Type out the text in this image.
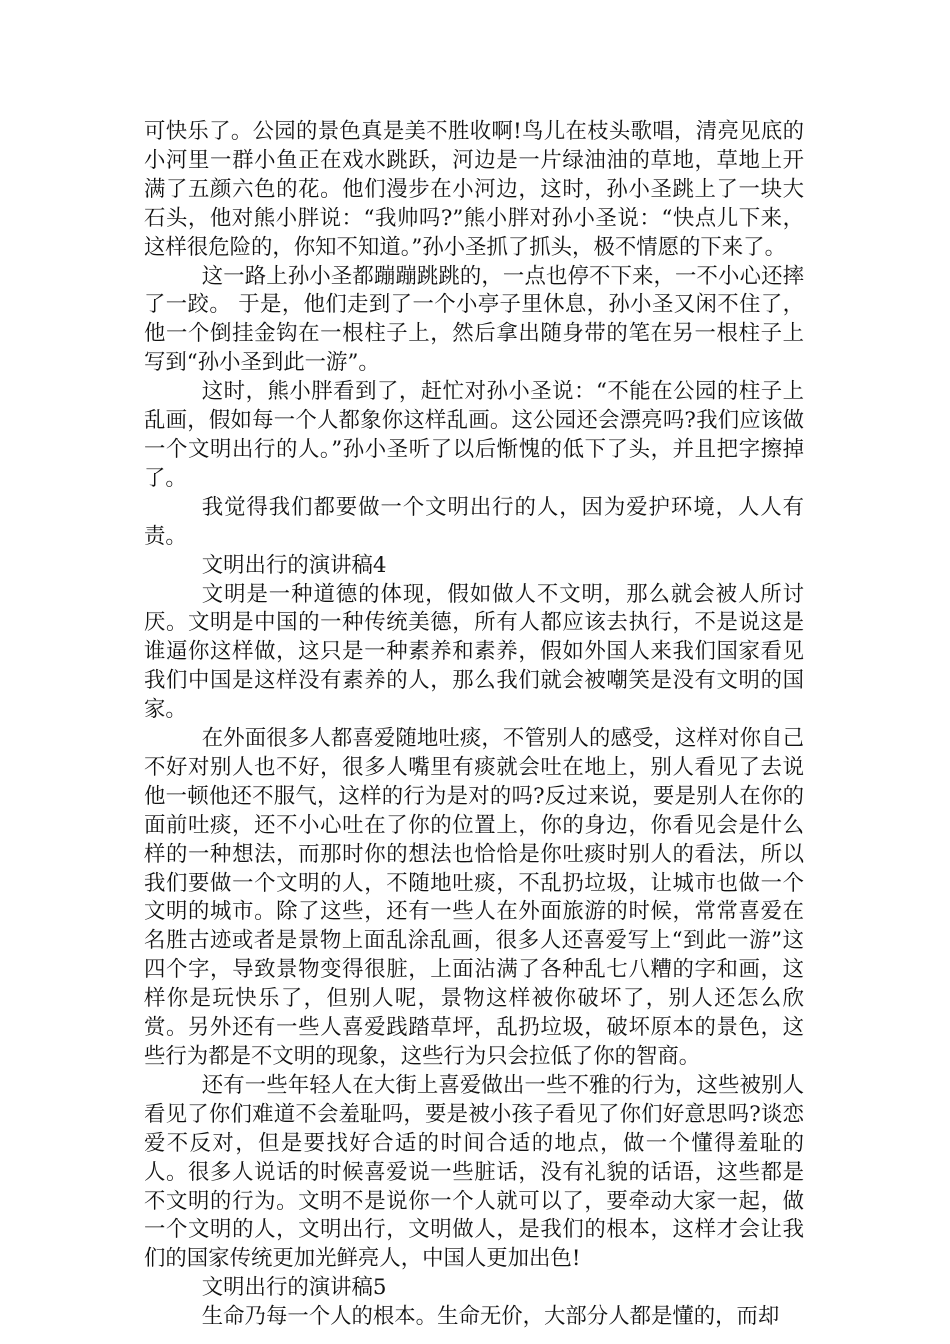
可快乐了。公园的景色真是美不胜收啊!鸟儿在枝头歌唱，清亮见底的小河里一群小鱼正在戏水跳跃，河边是一片绿油油的草地，草地上开满了五颜六色的花。他们漫步在小河边，这时，孙小圣跳上了一块大石头，他对熊小胖说：“我帅吗?”熊小胖对孙小圣说：“快点儿下来，这样很危险的，你知不知道。”孙小圣抓了抓头，极不情愿的下来了。

这一路上孙小圣都蹦蹦跳跳的，一点也停不下来，一不小心还摔了一跤。 于是，他们走到了一个小亭子里休息，孙小圣又闲不住了，他一个倒挂金钩在一根柱子上，然后拿出随身带的笔在另一根柱子上写到“孙小圣到此一游”。

这时，熊小胖看到了，赶忙对孙小圣说：“不能在公园的柱子上乱画，假如每一个人都象你这样乱画。这公园还会漂亮吗?我们应该做一个文明出行的人。”孙小圣听了以后惭愧的低下了头，并且把字擦掉了。

我觉得我们都要做一个文明出行的人，因为爱护环境，人人有责。

文明出行的演讲稿4

文明是一种道德的体现，假如做人不文明，那么就会被人所讨厌。文明是中国的一种传统美德，所有人都应该去执行，不是说这是谁逼你这样做，这只是一种素养和素养，假如外国人来我们国家看见我们中国是这样没有素养的人，那么我们就会被嘲笑是没有文明的国家。

在外面很多人都喜爱随地吐痰，不管别人的感受，这样对你自己不好对别人也不好，很多人嘴里有痰就会吐在地上，别人看见了去说他一顿他还不服气，这样的行为是对的吗?反过来说，要是别人在你的面前吐痰，还不小心吐在了你的位置上，你的身边，你看见会是什么样的一种想法，而那时你的想法也恰恰是你吐痰时别人的看法，所以我们要做一个文明的人，不随地吐痰，不乱扔垃圾，让城市也做一个文明的城市。除了这些，还有一些人在外面旅游的时候，常常喜爱在名胜古迹或者是景物上面乱涂乱画，很多人还喜爱写上“到此一游”这四个字，导致景物变得很脏，上面沾满了各种乱七八糟的字和画，这样你是玩快乐了，但别人呢，景物这样被你破坏了，别人还怎么欣赏。另外还有一些人喜爱践踏草坪，乱扔垃圾，破坏原本的景色，这些行为都是不文明的现象，这些行为只会拉低了你的智商。

还有一些年轻人在大街上喜爱做出一些不雅的行为，这些被别人看见了你们难道不会羞耻吗，要是被小孩子看见了你们好意思吗?谈恋爱不反对，但是要找好合适的时间合适的地点，做一个懂得羞耻的人。很多人说话的时候喜爱说一些脏话，没有礼貌的话语，这些都是不文明的行为。文明不是说你一个人就可以了，要牵动大家一起，做一个文明的人，文明出行，文明做人，是我们的根本，这样才会让我们的国家传统更加光鲜亮人，中国人更加出色!

文明出行的演讲稿5

生命乃每一个人的根本。生命无价，大部分人都是懂的，而却
